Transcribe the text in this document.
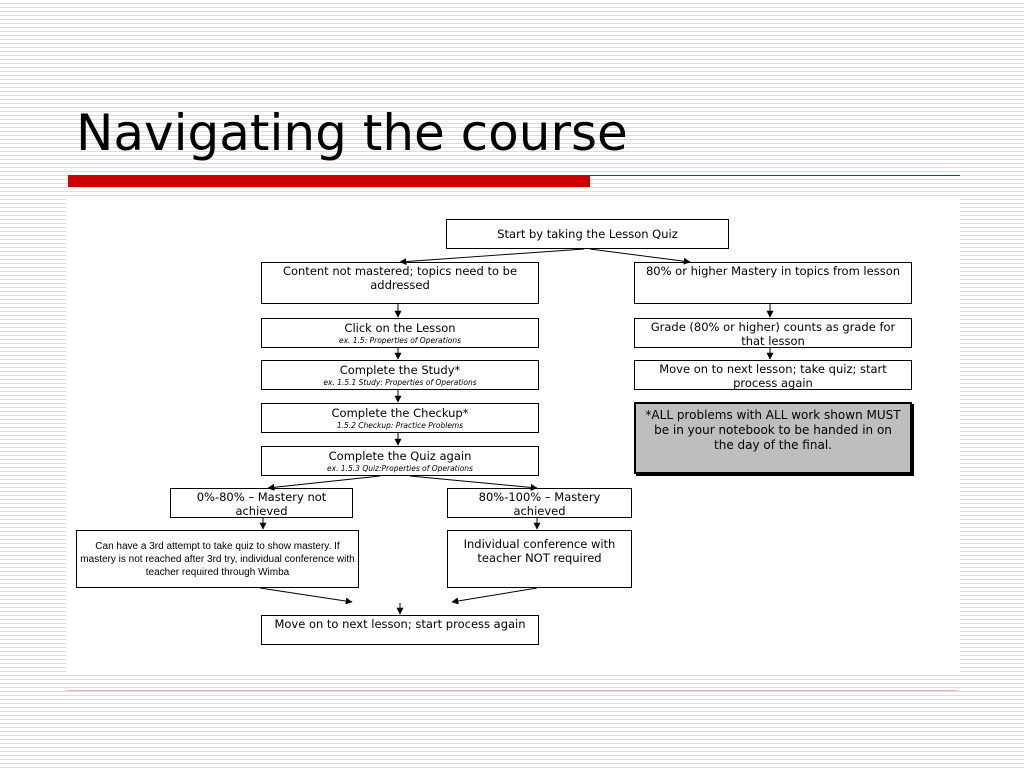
Navigating the course
Start by taking the Lesson Quiz
Content not mastered; topics need to be addressed
80% or higher Mastery in topics from lesson
Click on the Lesson
ex. 1.5: Properties of Operations
Complete the Study*
ex. 1.5.1 Study: Properties of Operations
Complete the Checkup*
1.5.2 Checkup: Practice Problems
Complete the Quiz again
ex. 1.5.3 Quiz:Properties of Operations
Grade (80% or higher) counts as grade for that lesson
Move on to next lesson; take quiz; start process again
*ALL problems with ALL work shown MUST be in your notebook to be handed in on the day of the final.
0%-80% – Mastery not achieved
80%-100% – Mastery achieved
Can have a 3rd attempt to take quiz to show mastery. If mastery is not reached after 3rd try, individual conference with teacher required through Wimba
Individual conference with teacher NOT required
Move on to next lesson; start process again
